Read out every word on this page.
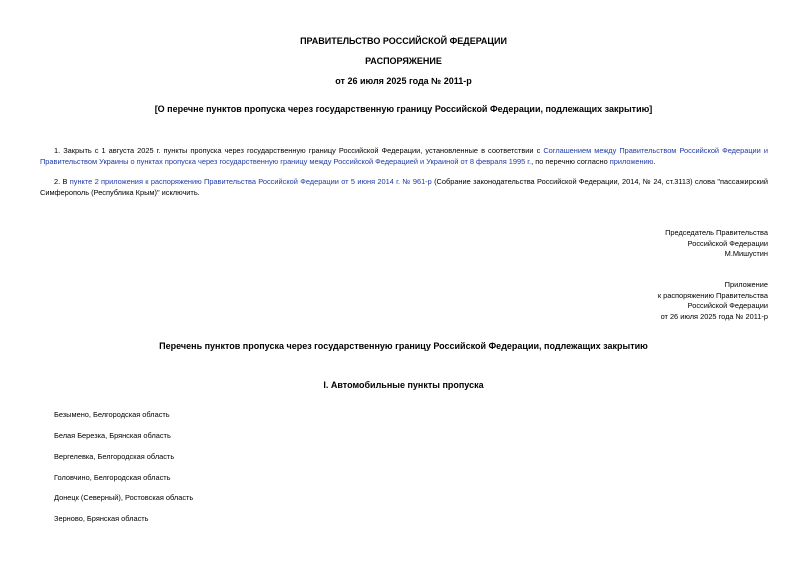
ПРАВИТЕЛЬСТВО РОССИЙСКОЙ ФЕДЕРАЦИИ
РАСПОРЯЖЕНИЕ
от 26 июля 2025 года № 2011-р
[О перечне пунктов пропуска через государственную границу Российской Федерации, подлежащих закрытию]
1. Закрыть с 1 августа 2025 г. пункты пропуска через государственную границу Российской Федерации, установленные в соответствии с Соглашением между Правительством Российской Федерации и Правительством Украины о пунктах пропуска через государственную границу между Российской Федерацией и Украиной от 8 февраля 1995 г., по перечню согласно приложению.
2. В пункте 2 приложения к распоряжению Правительства Российской Федерации от 5 июня 2014 г. № 961-р (Собрание законодательства Российской Федерации, 2014, № 24, ст.3113) слова "пассажирский Симферополь (Республика Крым)" исключить.
Председатель Правительства
Российской Федерации
М.Мишустин
Приложение
к распоряжению Правительства
Российской Федерации
от 26 июля 2025 года № 2011-р
Перечень пунктов пропуска через государственную границу Российской Федерации, подлежащих закрытию
I. Автомобильные пункты пропуска
Безымено, Белгородская область
Белая Березка, Брянская область
Вергелевка, Белгородская область
Головчино, Белгородская область
Донецк (Северный), Ростовская область
Зерново, Брянская область
